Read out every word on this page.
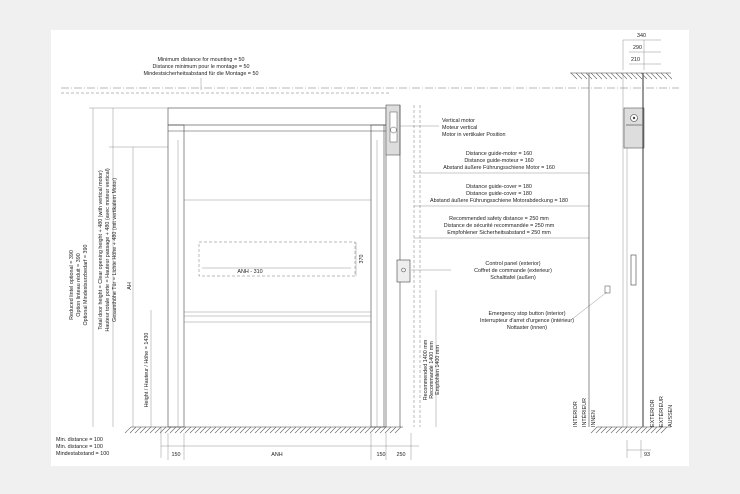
Minimum distance for mounting = 50
Distance minimum pour le montage = 50
Mindestsicherheitsabstand für die Montage = 50
ANH - 310
370
Reduced lintel optional = 390 Option linteau réduit = 390 Optional Mindestsurzbedarf = 390 Total door height = Clear opening height + 480 (with vertical motor) Hauteur totale porte = Hauteur passage + 480 (avec moteur vertical) Gesamthöhe Tür = Lichte Höhe + 480 (mit vertikalem Motor) AH
Height / Hauteur / Höhe = 1430
Min. distance = 100
Min. distance = 100
Mindestabstand = 100	150	ANH	150 250
Recommended 1400 mm Recommandé 1400 mm Empfohlen 1400 mm
Vertical motor
Moteur vertical
Motor in vertikaler Position
Distance guide-motor = 160
Distance guide-moteur = 160
Abstand äußere Führungsschiene Motor = 160
Distance guide-cover = 180
Distance guide-cover = 180
Abstand äußere Führungsschiene Motorabdeckung = 180
Recommended safety distance = 250 mm
Distance de sécurité recommandée = 250 mm
Empfohlener Sicherheitsabstand = 250 mm
Control panel (exterior)
Coffret de commande (exterieur)
Schalttafel (außen)
Emergency stop button (interior)
Interrupteur d'arret d'urgence (intérieur)
Nottaster (innen)
INTERIOR INTÉRIEUR INNEN	EXTERIOR EXTÉRIEUR AUSSEN
340
290
210
93
